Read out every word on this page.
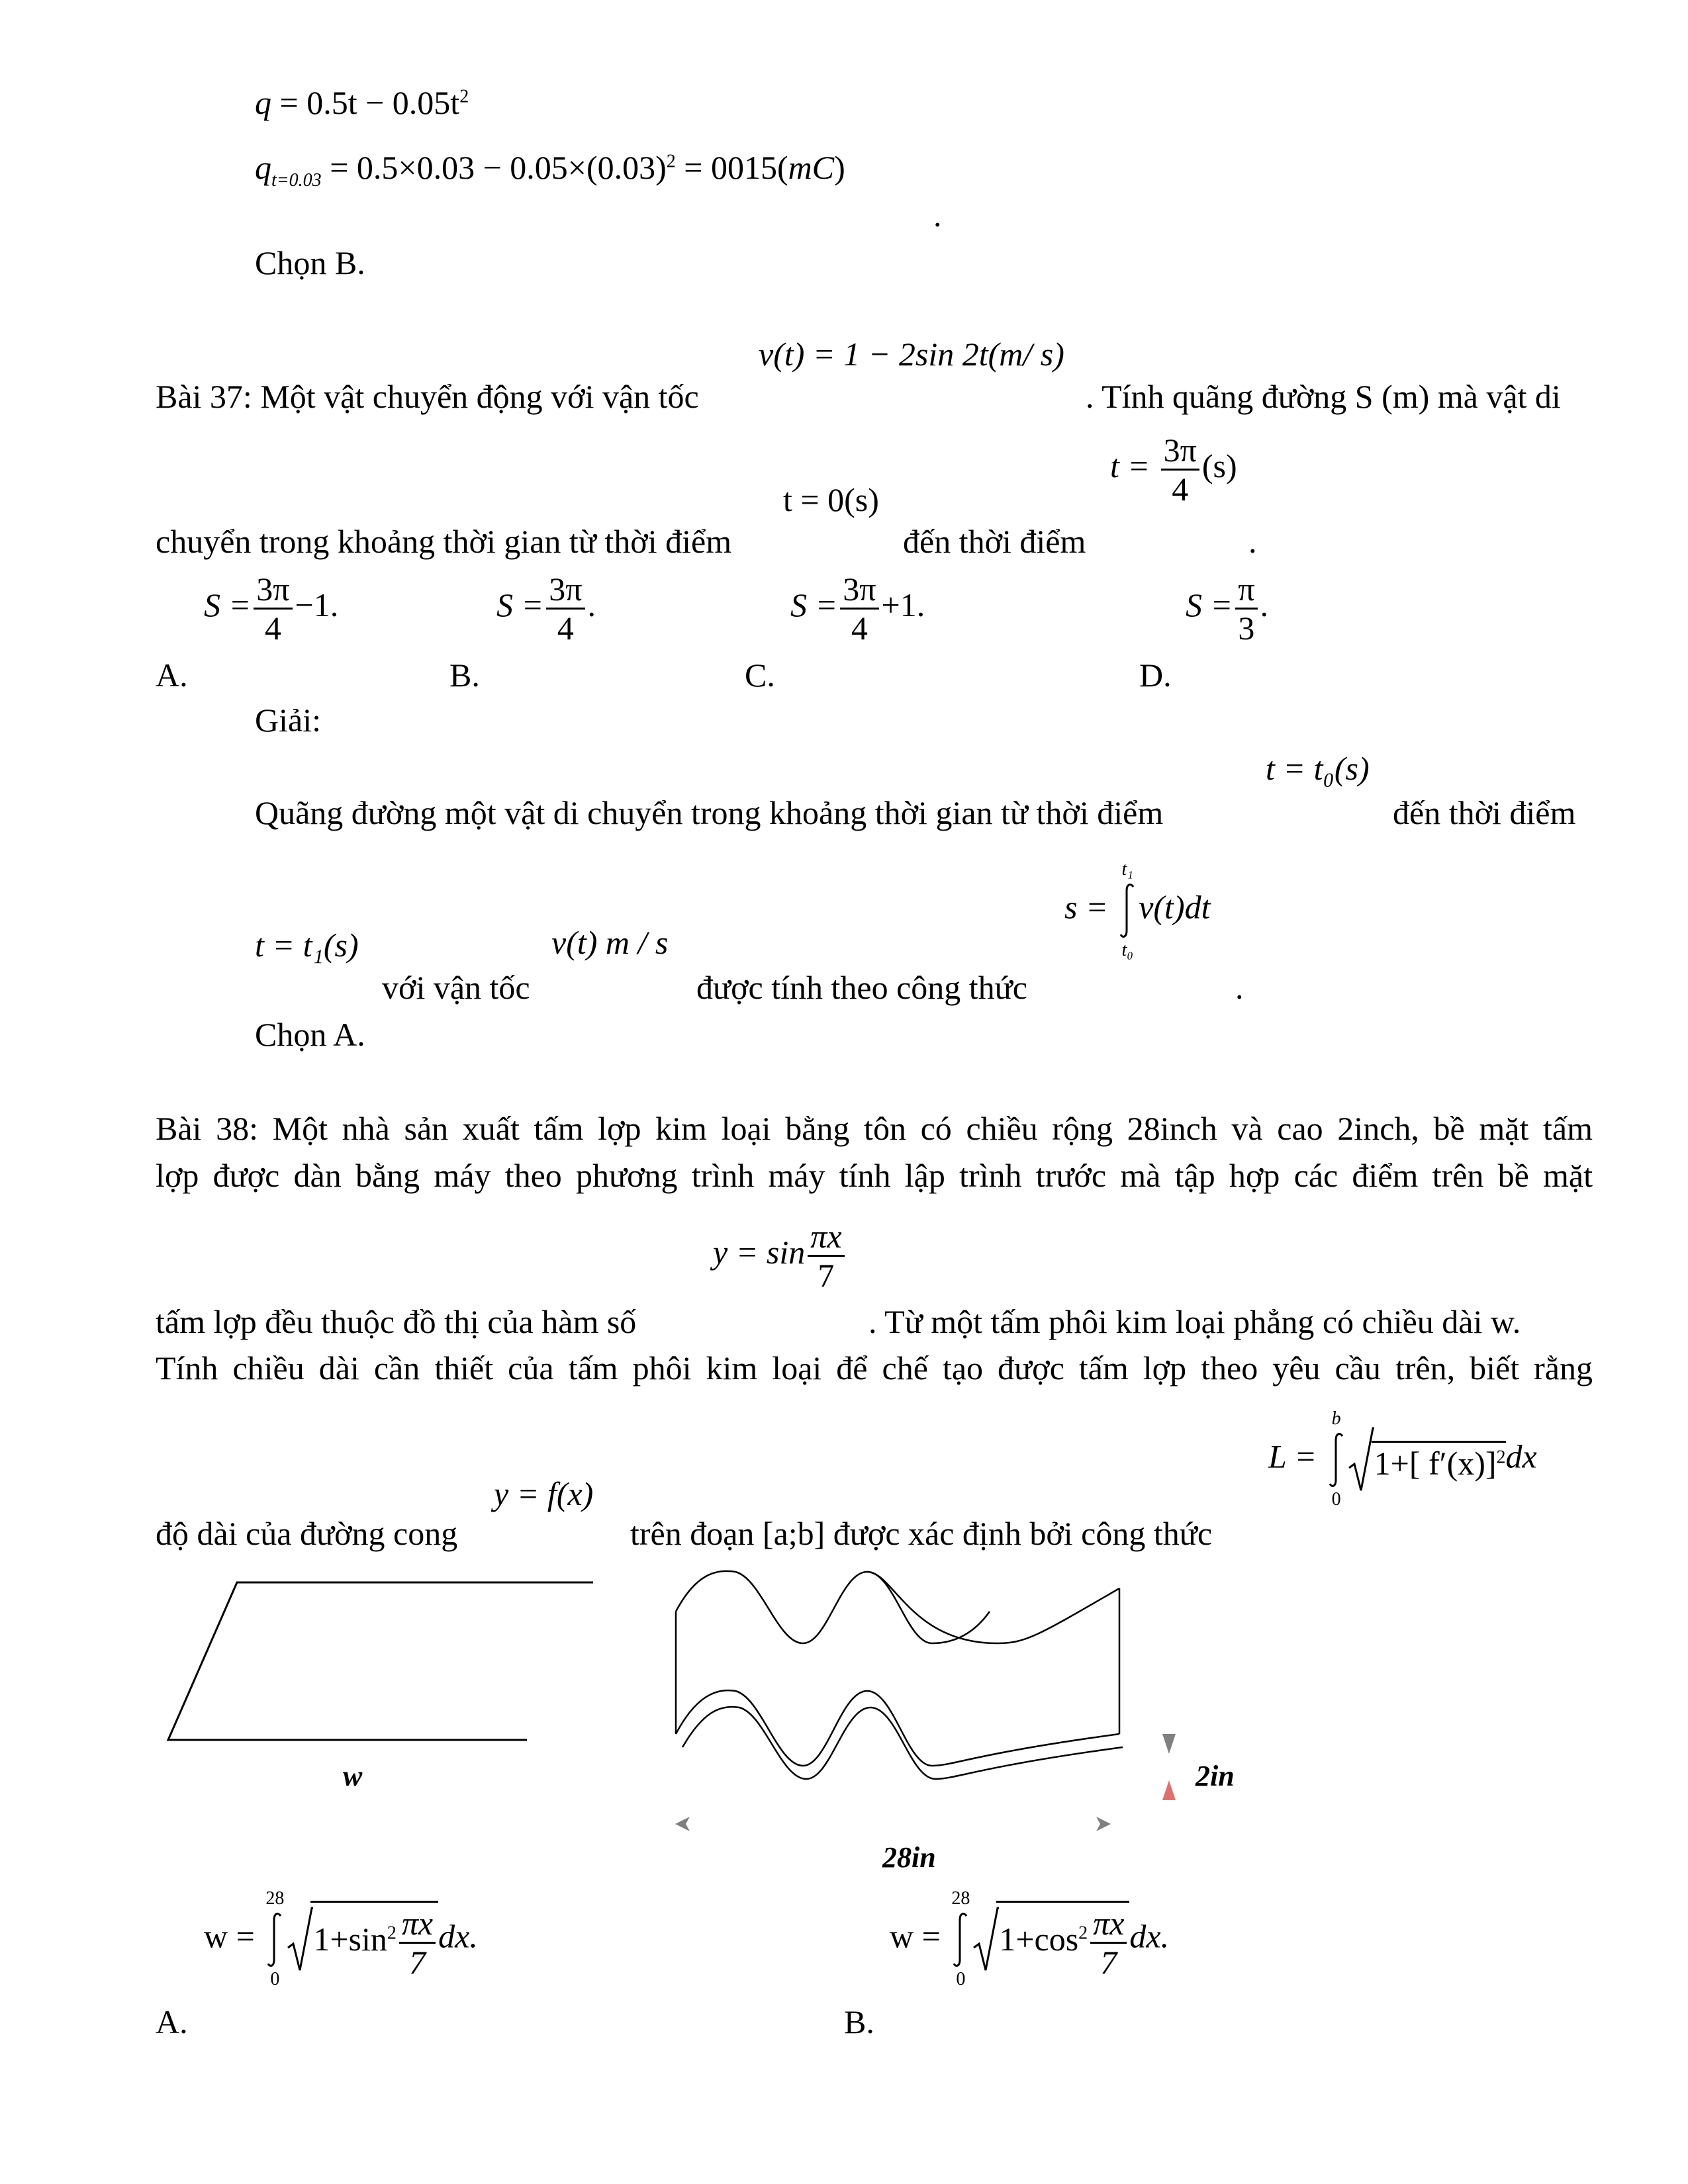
$q = 0.5t - 0.05t^2$
$q_{t=0.03} = 0.5\times 0.03 - 0.05\times(0.03)^2 = 0015(mC)$
.
Chọn B.
v(t) = 1 − 2sin 2t(m/ s)
Bài 37: Một vật chuyển động với vận tốc	. Tính quãng đường S (m) mà vật di
t = 0(s)
$t = \frac{3\pi}{4} (s)$
chuyển trong khoảng thời gian từ thời điểm	đến thời điểm	.
$S = \frac{3\pi}{4} -1$.	$S = \frac{3\pi}{4}$ .	$S = \frac{3\pi}{4} +1$.	$S = \frac{\pi}{3}$ .
A.	B.	C.	D.
Giải:
t = t₀(s)
Quãng đường một vật di chuyển trong khoảng thời gian từ thời điểm	đến thời điểm
s =
t₁
t₀
v(t)dt
t = t₁(s)	v(t) m / s
với vận tốc	được tính theo công thức	.
Chọn A.
Bài 38: Một nhà sản xuất tấm lợp kim loại bằng tôn có chiều rộng 28inch và cao 2inch, bề mặt tấm
lợp được dàn bằng máy theo phương trình máy tính lập trình trước mà tập hợp các điểm trên bề mặt
$y = \sin \frac{\pi x}{7}$
tấm lợp đều thuộc đồ thị của hàm số	. Từ một tấm phôi kim loại phẳng có chiều dài w.
Tính chiều dài cần thiết của tấm phôi kim loại để chế tạo được tấm lợp theo yêu cầu trên, biết rằng
L =
b
0
1+[ f′(x)]$^2$dx
y = f(x)
độ dài của đường cong	trên đoạn [a;b] được xác định bởi công thức
w
28in
2in
w =
28
0
$1+\sin^2 \frac{\pi x}{7}$ dx.	w =
28
0
$1+\cos^2 \frac{\pi x}{7}$ dx.
A.	B.
